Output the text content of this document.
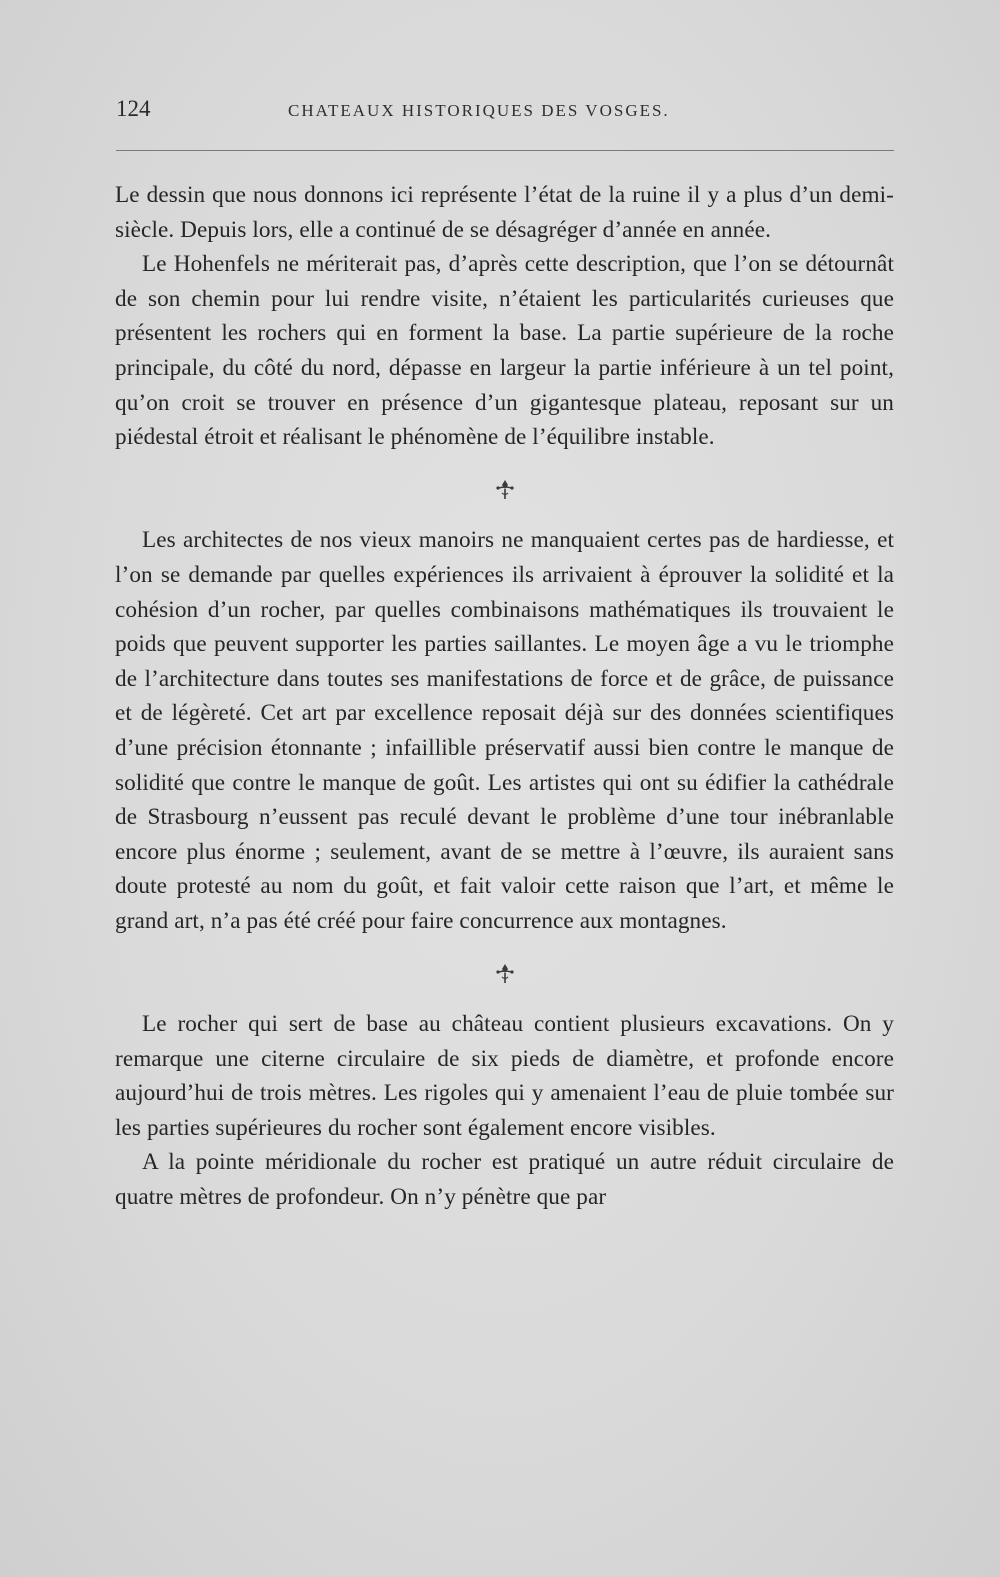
124	CHATEAUX HISTORIQUES DES VOSGES.

Le dessin que nous donnons ici représente l’état de la ruine il y a plus d’un demi-siècle. Depuis lors, elle a continué de se désagréger d’année en année.

Le Hohenfels ne mériterait pas, d’après cette description, que l’on se détournât de son chemin pour lui rendre visite, n’étaient les particularités curieuses que présentent les rochers qui en forment la base. La partie supérieure de la roche principale, du côté du nord, dépasse en largeur la partie inférieure à un tel point, qu’on croit se trouver en présence d’un gigantesque plateau, reposant sur un piédestal étroit et réalisant le phénomène de l’équilibre instable.

Les architectes de nos vieux manoirs ne manquaient certes pas de hardiesse, et l’on se demande par quelles expériences ils arrivaient à éprouver la solidité et la cohésion d’un rocher, par quelles combinaisons mathématiques ils trouvaient le poids que peuvent supporter les parties saillantes. Le moyen âge a vu le triomphe de l’architecture dans toutes ses manifestations de force et de grâce, de puissance et de légèreté. Cet art par excellence reposait déjà sur des données scientifiques d’une précision étonnante ; infaillible préservatif aussi bien contre le manque de solidité que contre le manque de goût. Les artistes qui ont su édifier la cathédrale de Strasbourg n’eussent pas reculé devant le problème d’une tour inébranlable encore plus énorme ; seulement, avant de se mettre à l’œuvre, ils auraient sans doute protesté au nom du goût, et fait valoir cette raison que l’art, et même le grand art, n’a pas été créé pour faire concurrence aux montagnes.

Le rocher qui sert de base au château contient plusieurs excavations. On y remarque une citerne circulaire de six pieds de diamètre, et profonde encore aujourd’hui de trois mètres. Les rigoles qui y amenaient l’eau de pluie tombée sur les parties supérieures du rocher sont également encore visibles.

A la pointe méridionale du rocher est pratiqué un autre réduit circulaire de quatre mètres de profondeur. On n’y pénètre que par
